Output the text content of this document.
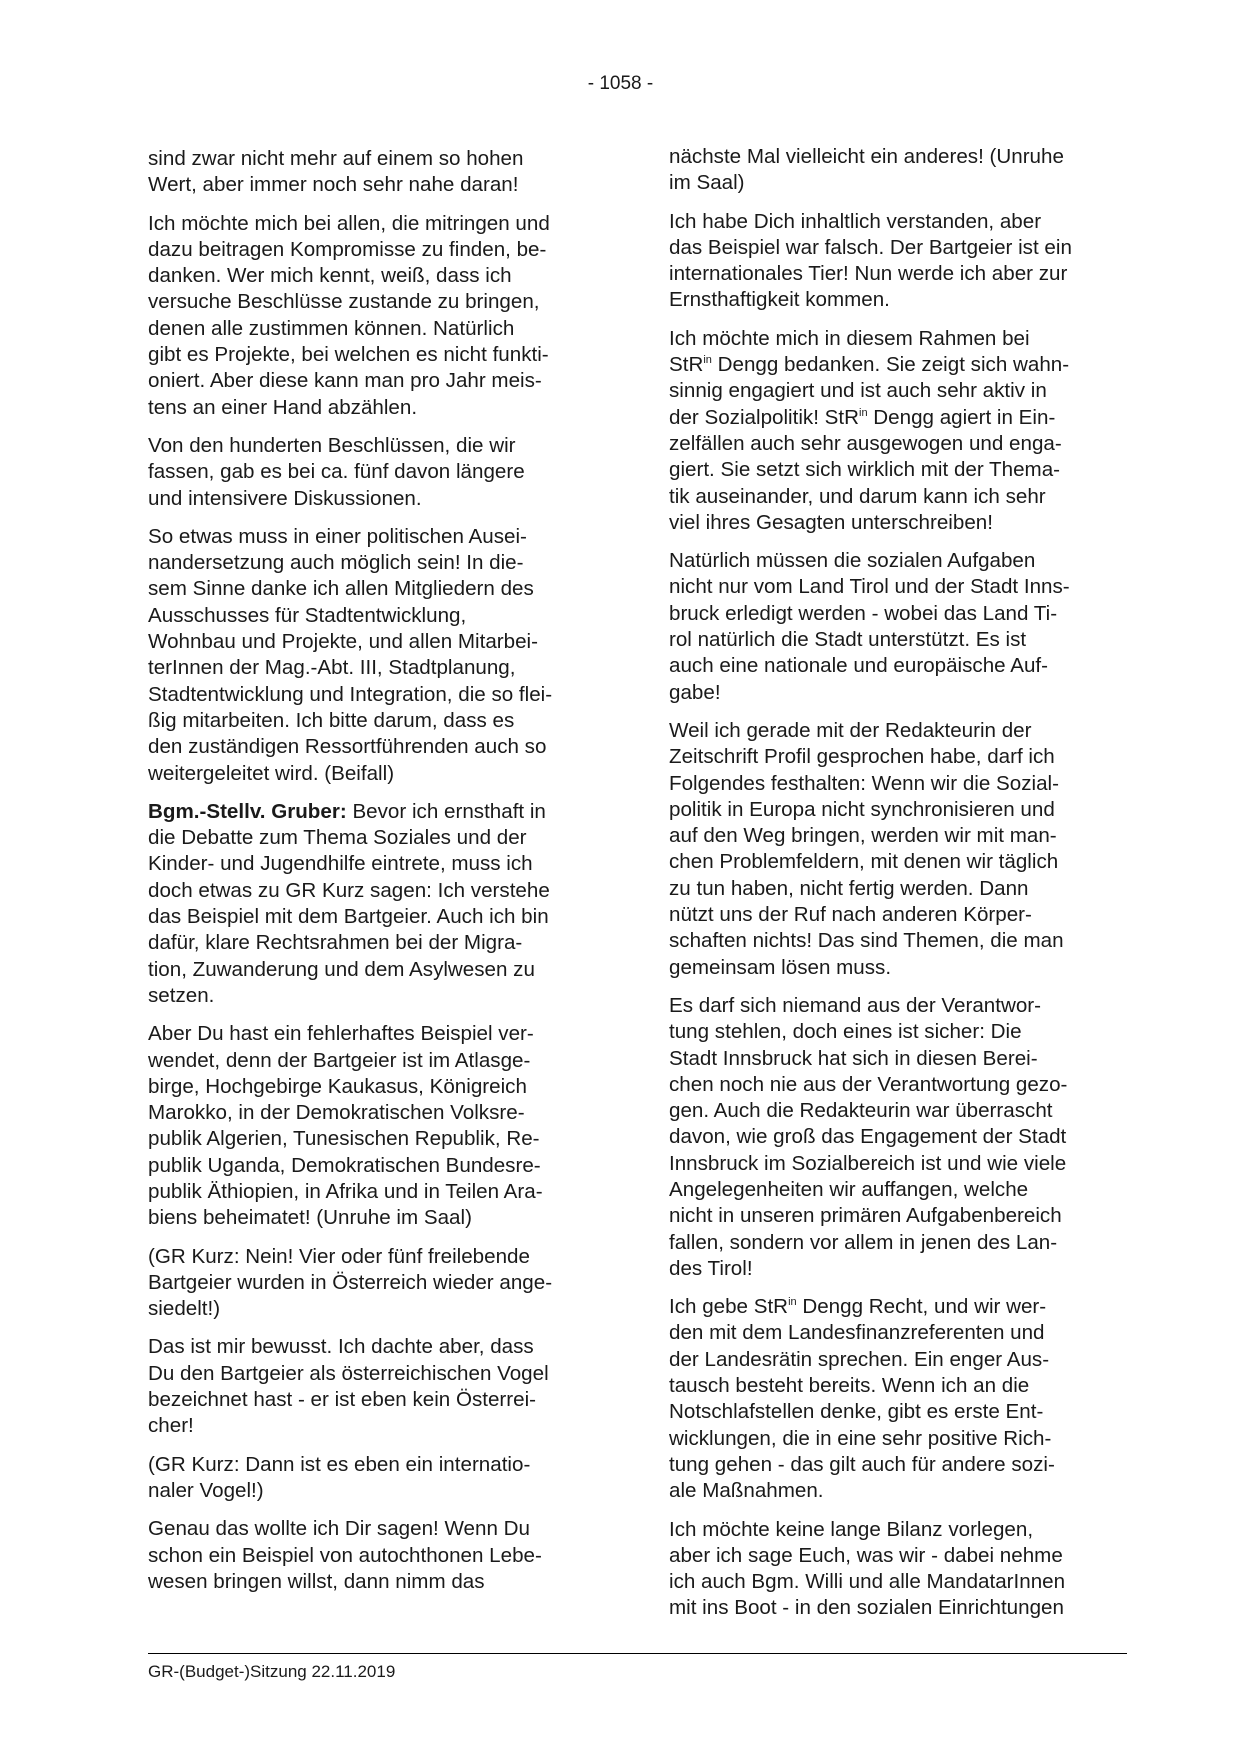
- 1058 -

sind zwar nicht mehr auf einem so hohen
Wert, aber immer noch sehr nahe daran!

Ich möchte mich bei allen, die mitringen und
dazu beitragen Kompromisse zu finden, be-
danken. Wer mich kennt, weiß, dass ich
versuche Beschlüsse zustande zu bringen,
denen alle zustimmen können. Natürlich
gibt es Projekte, bei welchen es nicht funkti-
oniert. Aber diese kann man pro Jahr meis-
tens an einer Hand abzählen.

Von den hunderten Beschlüssen, die wir
fassen, gab es bei ca. fünf davon längere
und intensivere Diskussionen.

So etwas muss in einer politischen Ausei-
nandersetzung auch möglich sein! In die-
sem Sinne danke ich allen Mitgliedern des
Ausschusses für Stadtentwicklung,
Wohnbau und Projekte, und allen Mitarbei-
terInnen der Mag.-Abt. III, Stadtplanung,
Stadtentwicklung und Integration, die so flei-
ßig mitarbeiten. Ich bitte darum, dass es
den zuständigen Ressortführenden auch so
weitergeleitet wird. (Beifall)

Bgm.-Stellv. Gruber: Bevor ich ernsthaft in
die Debatte zum Thema Soziales und der
Kinder- und Jugendhilfe eintrete, muss ich
doch etwas zu GR Kurz sagen: Ich verstehe
das Beispiel mit dem Bartgeier. Auch ich bin
dafür, klare Rechtsrahmen bei der Migra-
tion, Zuwanderung und dem Asylwesen zu
setzen.

Aber Du hast ein fehlerhaftes Beispiel ver-
wendet, denn der Bartgeier ist im Atlasge-
birge, Hochgebirge Kaukasus, Königreich
Marokko, in der Demokratischen Volksre-
publik Algerien, Tunesischen Republik, Re-
publik Uganda, Demokratischen Bundesre-
publik Äthiopien, in Afrika und in Teilen Ara-
biens beheimatet! (Unruhe im Saal)

(GR Kurz: Nein! Vier oder fünf freilebende
Bartgeier wurden in Österreich wieder ange-
siedelt!)

Das ist mir bewusst. Ich dachte aber, dass
Du den Bartgeier als österreichischen Vogel
bezeichnet hast - er ist eben kein Österrei-
cher!

(GR Kurz: Dann ist es eben ein internatio-
naler Vogel!)

Genau das wollte ich Dir sagen! Wenn Du
schon ein Beispiel von autochthonen Lebe-
wesen bringen willst, dann nimm das

nächste Mal vielleicht ein anderes! (Unruhe
im Saal)

Ich habe Dich inhaltlich verstanden, aber
das Beispiel war falsch. Der Bartgeier ist ein
internationales Tier! Nun werde ich aber zur
Ernsthaftigkeit kommen.

Ich möchte mich in diesem Rahmen bei
StR$^{in}$ Dengg bedanken. Sie zeigt sich wahn-
sinnig engagiert und ist auch sehr aktiv in
der Sozialpolitik! StR$^{in}$ Dengg agiert in Ein-
zelfällen auch sehr ausgewogen und enga-
giert. Sie setzt sich wirklich mit der Thema-
tik auseinander, und darum kann ich sehr
viel ihres Gesagten unterschreiben!

Natürlich müssen die sozialen Aufgaben
nicht nur vom Land Tirol und der Stadt Inns-
bruck erledigt werden - wobei das Land Ti-
rol natürlich die Stadt unterstützt. Es ist
auch eine nationale und europäische Auf-
gabe!

Weil ich gerade mit der Redakteurin der
Zeitschrift Profil gesprochen habe, darf ich
Folgendes festhalten: Wenn wir die Sozial-
politik in Europa nicht synchronisieren und
auf den Weg bringen, werden wir mit man-
chen Problemfeldern, mit denen wir täglich
zu tun haben, nicht fertig werden. Dann
nützt uns der Ruf nach anderen Körper-
schaften nichts! Das sind Themen, die man
gemeinsam lösen muss.

Es darf sich niemand aus der Verantwor-
tung stehlen, doch eines ist sicher: Die
Stadt Innsbruck hat sich in diesen Berei-
chen noch nie aus der Verantwortung gezo-
gen. Auch die Redakteurin war überrascht
davon, wie groß das Engagement der Stadt
Innsbruck im Sozialbereich ist und wie viele
Angelegenheiten wir auffangen, welche
nicht in unseren primären Aufgabenbereich
fallen, sondern vor allem in jenen des Lan-
des Tirol!

Ich gebe StR$^{in}$ Dengg Recht, und wir wer-
den mit dem Landesfinanzreferenten und
der Landesrätin sprechen. Ein enger Aus-
tausch besteht bereits. Wenn ich an die
Notschlafstellen denke, gibt es erste Ent-
wicklungen, die in eine sehr positive Rich-
tung gehen - das gilt auch für andere sozi-
ale Maßnahmen.

Ich möchte keine lange Bilanz vorlegen,
aber ich sage Euch, was wir - dabei nehme
ich auch Bgm. Willi und alle MandatarInnen
mit ins Boot - in den sozialen Einrichtungen

GR-(Budget-)Sitzung 22.11.2019
